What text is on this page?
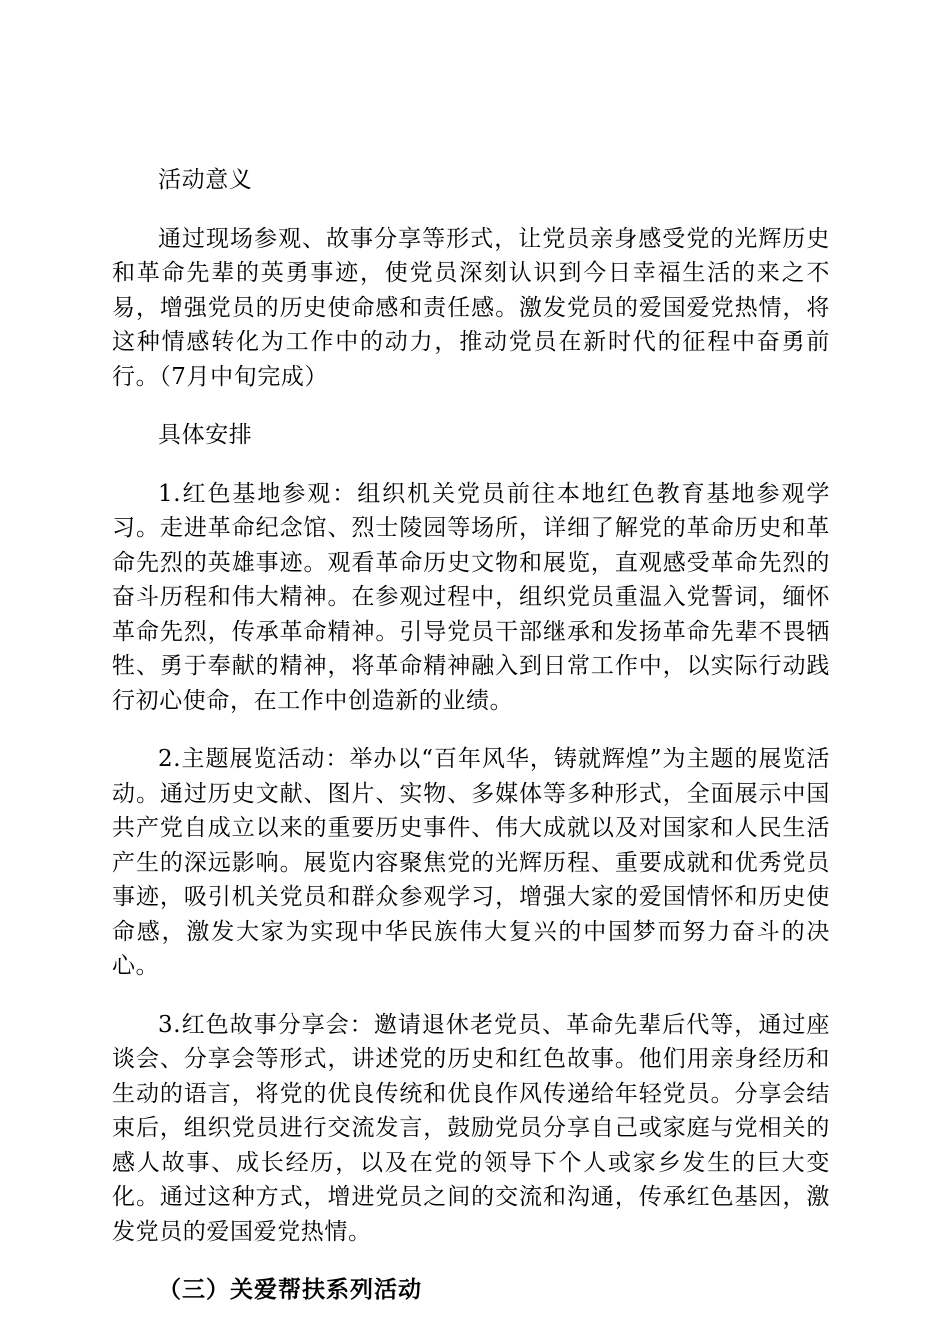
活动意义

通过现场参观、故事分享等形式，让党员亲身感受党的光辉历史和革命先辈的英勇事迹，使党员深刻认识到今日幸福生活的来之不易，增强党员的历史使命感和责任感。激发党员的爱国爱党热情，将这种情感转化为工作中的动力，推动党员在新时代的征程中奋勇前行。（7月中旬完成）

具体安排

1.红色基地参观：组织机关党员前往本地红色教育基地参观学习。走进革命纪念馆、烈士陵园等场所，详细了解党的革命历史和革命先烈的英雄事迹。观看革命历史文物和展览，直观感受革命先烈的奋斗历程和伟大精神。在参观过程中，组织党员重温入党誓词，缅怀革命先烈，传承革命精神。引导党员干部继承和发扬革命先辈不畏牺牲、勇于奉献的精神，将革命精神融入到日常工作中，以实际行动践行初心使命，在工作中创造新的业绩。

2.主题展览活动：举办以“百年风华，铸就辉煌”为主题的展览活动。通过历史文献、图片、实物、多媒体等多种形式，全面展示中国共产党自成立以来的重要历史事件、伟大成就以及对国家和人民生活产生的深远影响。展览内容聚焦党的光辉历程、重要成就和优秀党员事迹，吸引机关党员和群众参观学习，增强大家的爱国情怀和历史使命感，激发大家为实现中华民族伟大复兴的中国梦而努力奋斗的决心。

3.红色故事分享会：邀请退休老党员、革命先辈后代等，通过座谈会、分享会等形式，讲述党的历史和红色故事。他们用亲身经历和生动的语言，将党的优良传统和优良作风传递给年轻党员。分享会结束后，组织党员进行交流发言，鼓励党员分享自己或家庭与党相关的感人故事、成长经历，以及在党的领导下个人或家乡发生的巨大变化。通过这种方式，增进党员之间的交流和沟通，传承红色基因，激发党员的爱国爱党热情。

（三）关爱帮扶系列活动
